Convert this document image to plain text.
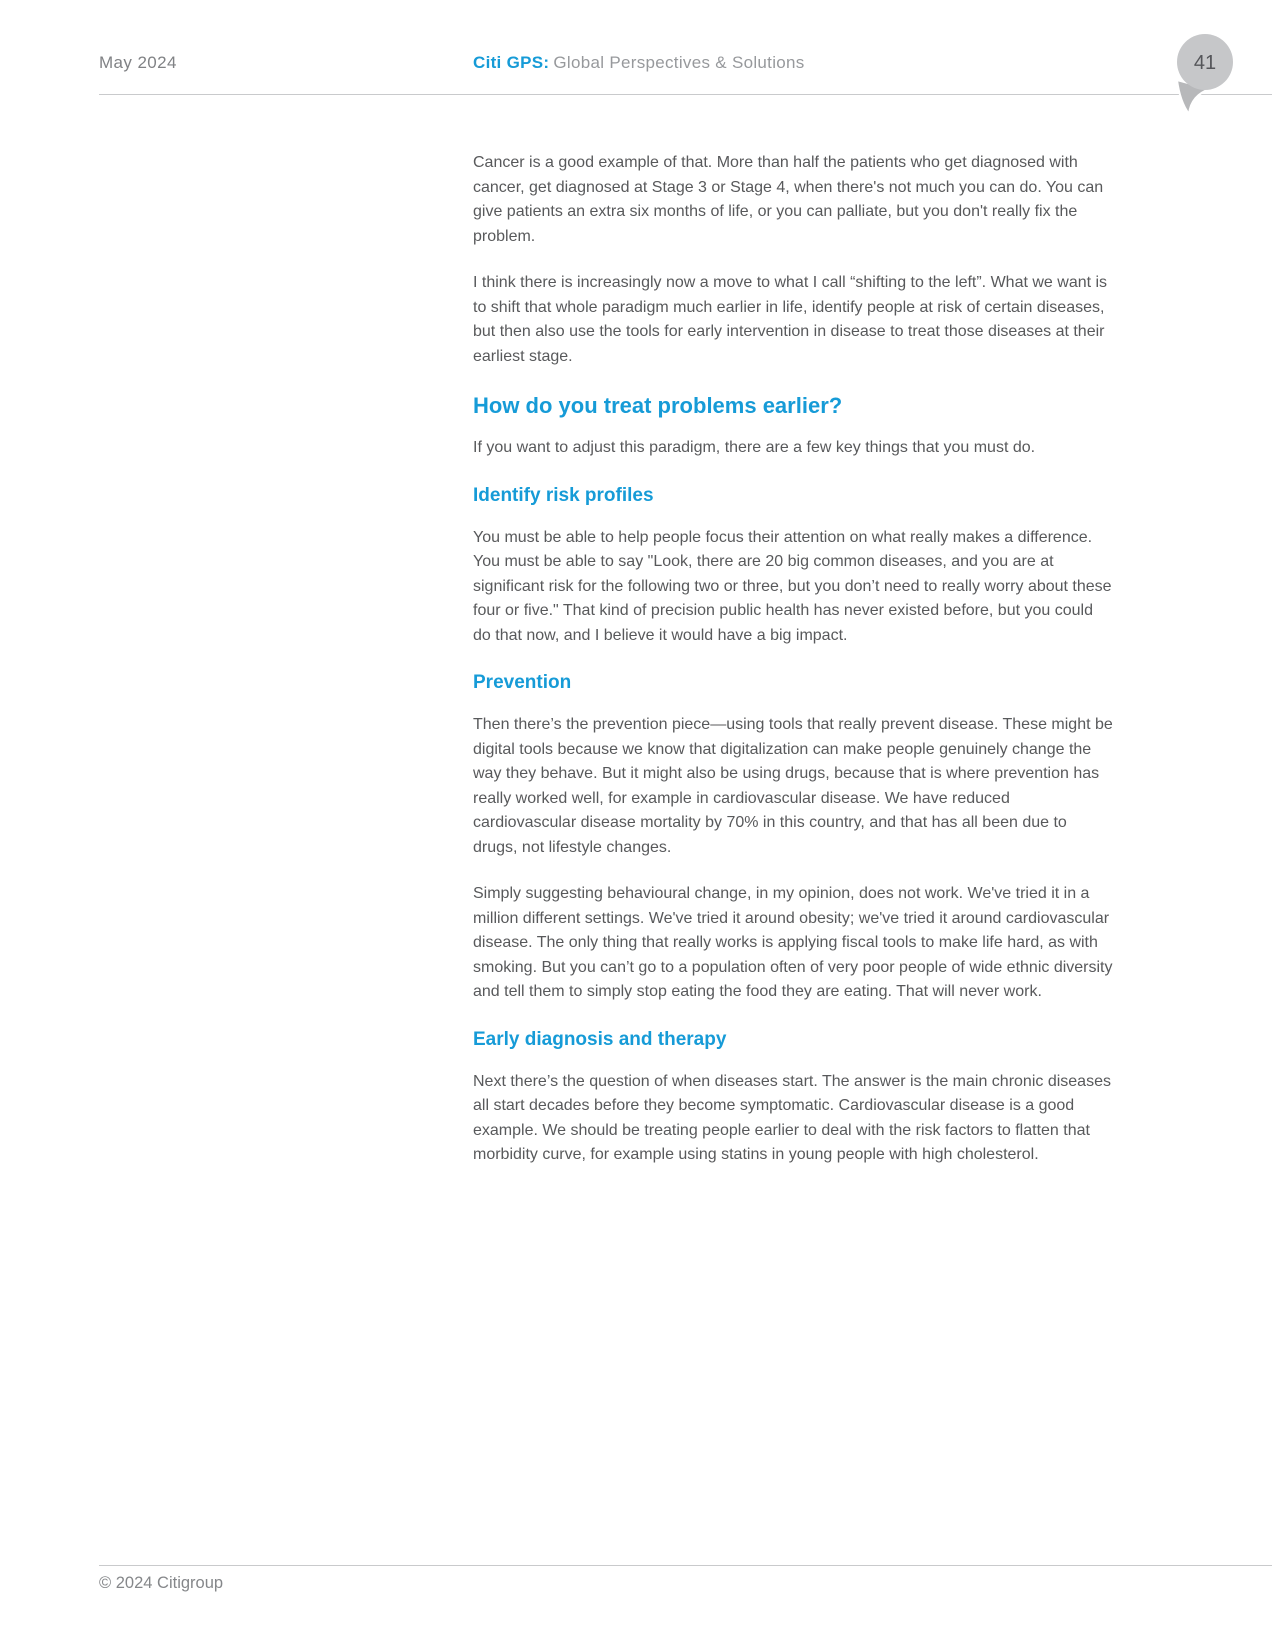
May 2024	Citi GPS: Global Perspectives & Solutions	41

Cancer is a good example of that. More than half the patients who get diagnosed with cancer, get diagnosed at Stage 3 or Stage 4, when there's not much you can do. You can give patients an extra six months of life, or you can palliate, but you don't really fix the problem.

I think there is increasingly now a move to what I call “shifting to the left”. What we want is to shift that whole paradigm much earlier in life, identify people at risk of certain diseases, but then also use the tools for early intervention in disease to treat those diseases at their earliest stage.

How do you treat problems earlier?

If you want to adjust this paradigm, there are a few key things that you must do.

Identify risk profiles

You must be able to help people focus their attention on what really makes a difference. You must be able to say "Look, there are 20 big common diseases, and you are at significant risk for the following two or three, but you don’t need to really worry about these four or five." That kind of precision public health has never existed before, but you could do that now, and I believe it would have a big impact.

Prevention

Then there’s the prevention piece—using tools that really prevent disease. These might be digital tools because we know that digitalization can make people genuinely change the way they behave. But it might also be using drugs, because that is where prevention has really worked well, for example in cardiovascular disease. We have reduced cardiovascular disease mortality by 70% in this country, and that has all been due to drugs, not lifestyle changes.

Simply suggesting behavioural change, in my opinion, does not work. We've tried it in a million different settings. We've tried it around obesity; we've tried it around cardiovascular disease. The only thing that really works is applying fiscal tools to make life hard, as with smoking. But you can’t go to a population often of very poor people of wide ethnic diversity and tell them to simply stop eating the food they are eating. That will never work.

Early diagnosis and therapy

Next there’s the question of when diseases start. The answer is the main chronic diseases all start decades before they become symptomatic. Cardiovascular disease is a good example. We should be treating people earlier to deal with the risk factors to flatten that morbidity curve, for example using statins in young people with high cholesterol.

© 2024 Citigroup
